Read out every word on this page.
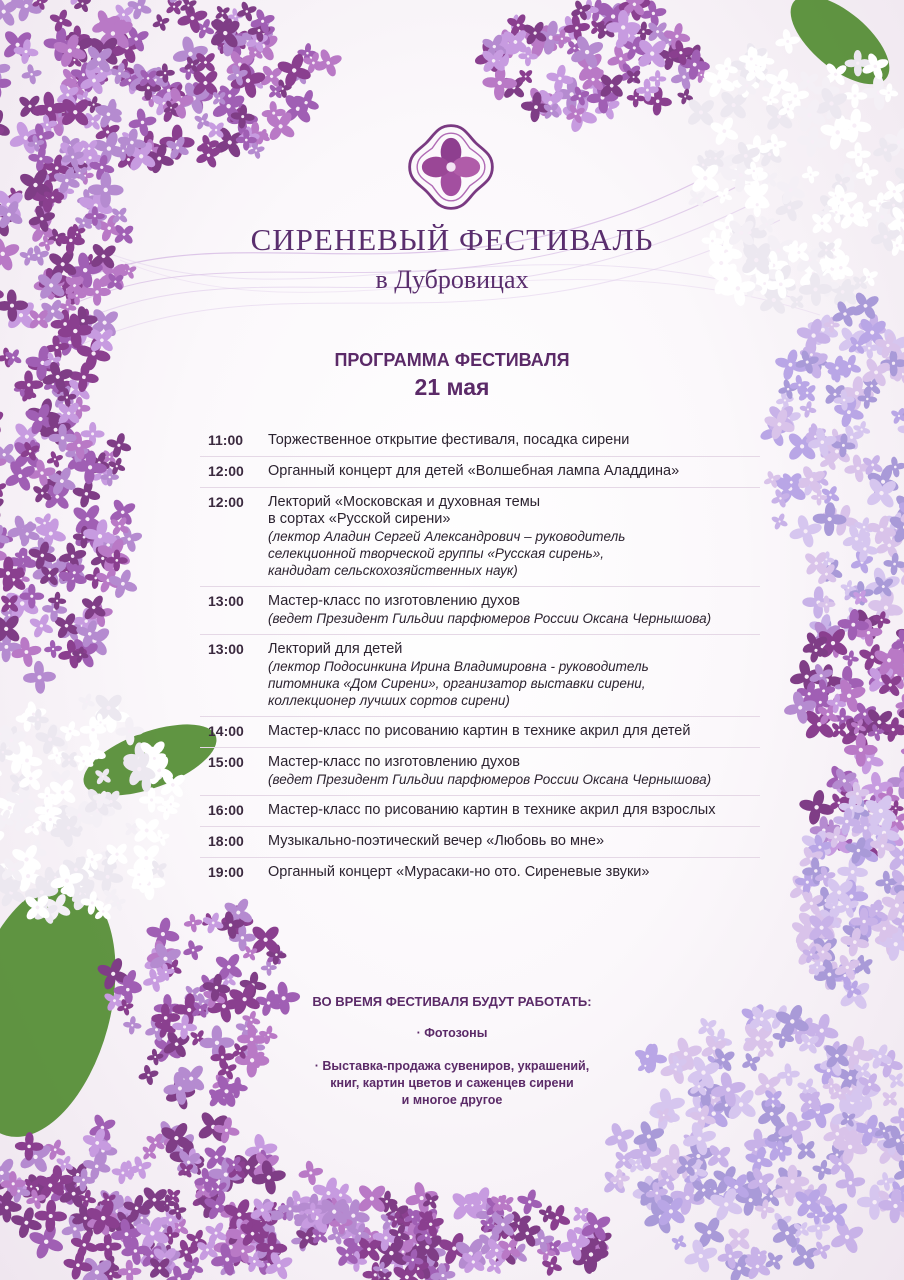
СИРЕНЕВЫЙ ФЕСТИВАЛЬ
в Дубровицах
ПРОГРАММА ФЕСТИВАЛЯ
21 мая
11:00	Торжественное открытие фестиваля, посадка сирени
12:00	Органный концерт для детей «Волшебная лампа Аладдина»
12:00	Лекторий «Московская и духовная темы
в сортах «Русской сирени»
(лектор Аладин Сергей Александрович – руководитель
селекционной творческой группы «Русская сирень»,
кандидат сельскохозяйственных наук)
13:00	Мастер-класс по изготовлению духов
(ведет Президент Гильдии парфюмеров России Оксана Чернышова)
13:00	Лекторий для детей
(лектор Подосинкина Ирина Владимировна - руководитель
питомника «Дом Сирени», организатор выставки сирени,
коллекционер лучших сортов сирени)
14:00	Мастер-класс по рисованию картин в технике акрил для детей
15:00	Мастер-класс по изготовлению духов
(ведет Президент Гильдии парфюмеров России Оксана Чернышова)
16:00	Мастер-класс по рисованию картин в технике акрил для взрослых
18:00	Музыкально-поэтический вечер «Любовь во мне»
19:00	Органный концерт «Мурасаки-но ото. Сиреневые звуки»
ВО ВРЕМЯ ФЕСТИВАЛЯ БУДУТ РАБОТАТЬ:
· Фотозоны
· Выставка-продажа сувениров, украшений,
книг, картин цветов и саженцев сирени
и многое другое
